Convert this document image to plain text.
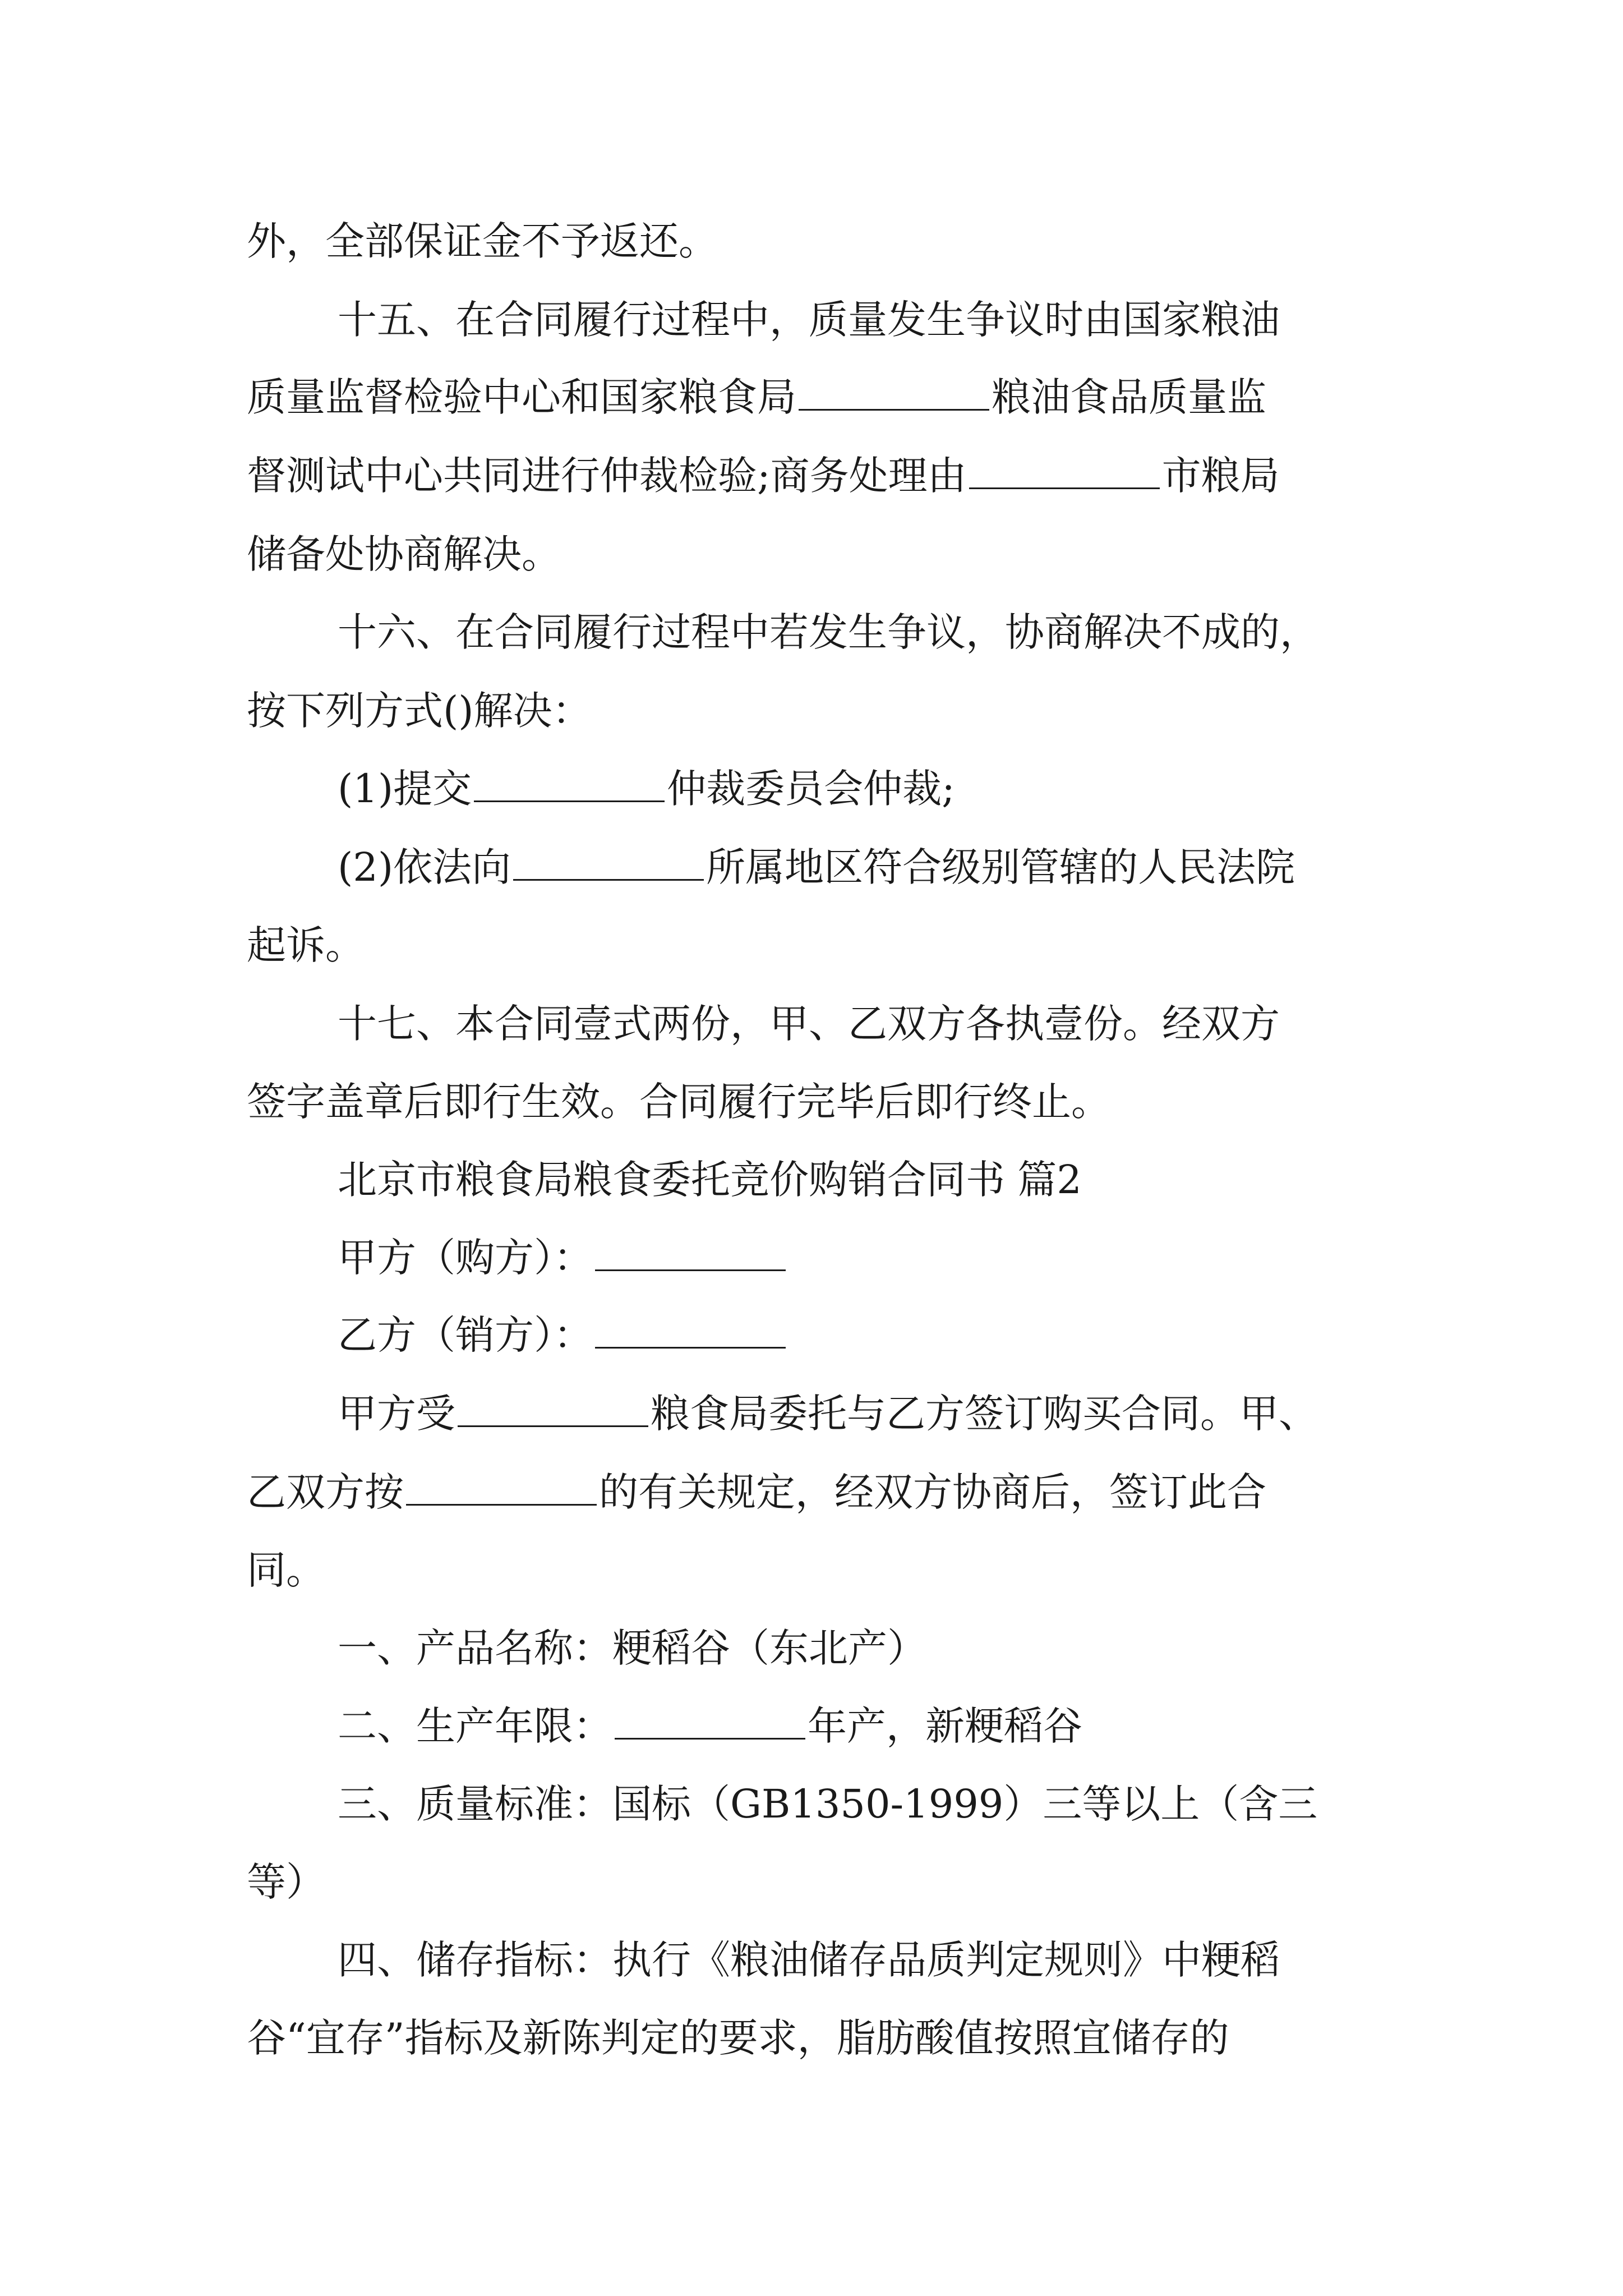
外，全部保证金不予返还。
十五、在合同履行过程中，质量发生争议时由国家粮油
质量监督检验中心和国家粮食局	粮油食品质量监
督测试中心共同进行仲裁检验;商务处理由	市粮局
储备处协商解决。
十六、在合同履行过程中若发生争议，协商解决不成的，
按下列方式()解决：
(1)提交	仲裁委员会仲裁;
(2)依法向	所属地区符合级别管辖的人民法院
起诉。
十七、本合同壹式两份，甲、乙双方各执壹份。经双方
签字盖章后即行生效。合同履行完毕后即行终止。
北京市粮食局粮食委托竞价购销合同书 篇2
甲方（购方）：
乙方（销方）：
甲方受	粮食局委托与乙方签订购买合同。甲、
乙双方按	的有关规定，经双方协商后，签订此合
同。
一、产品名称：粳稻谷（东北产）
二、生产年限：	年产，新粳稻谷
三、质量标准：国标（GB1350-1999）三等以上（含三
等）
四、储存指标：执行《粮油储存品质判定规则》中粳稻
谷“宜存”指标及新陈判定的要求，脂肪酸值按照宜储存的
